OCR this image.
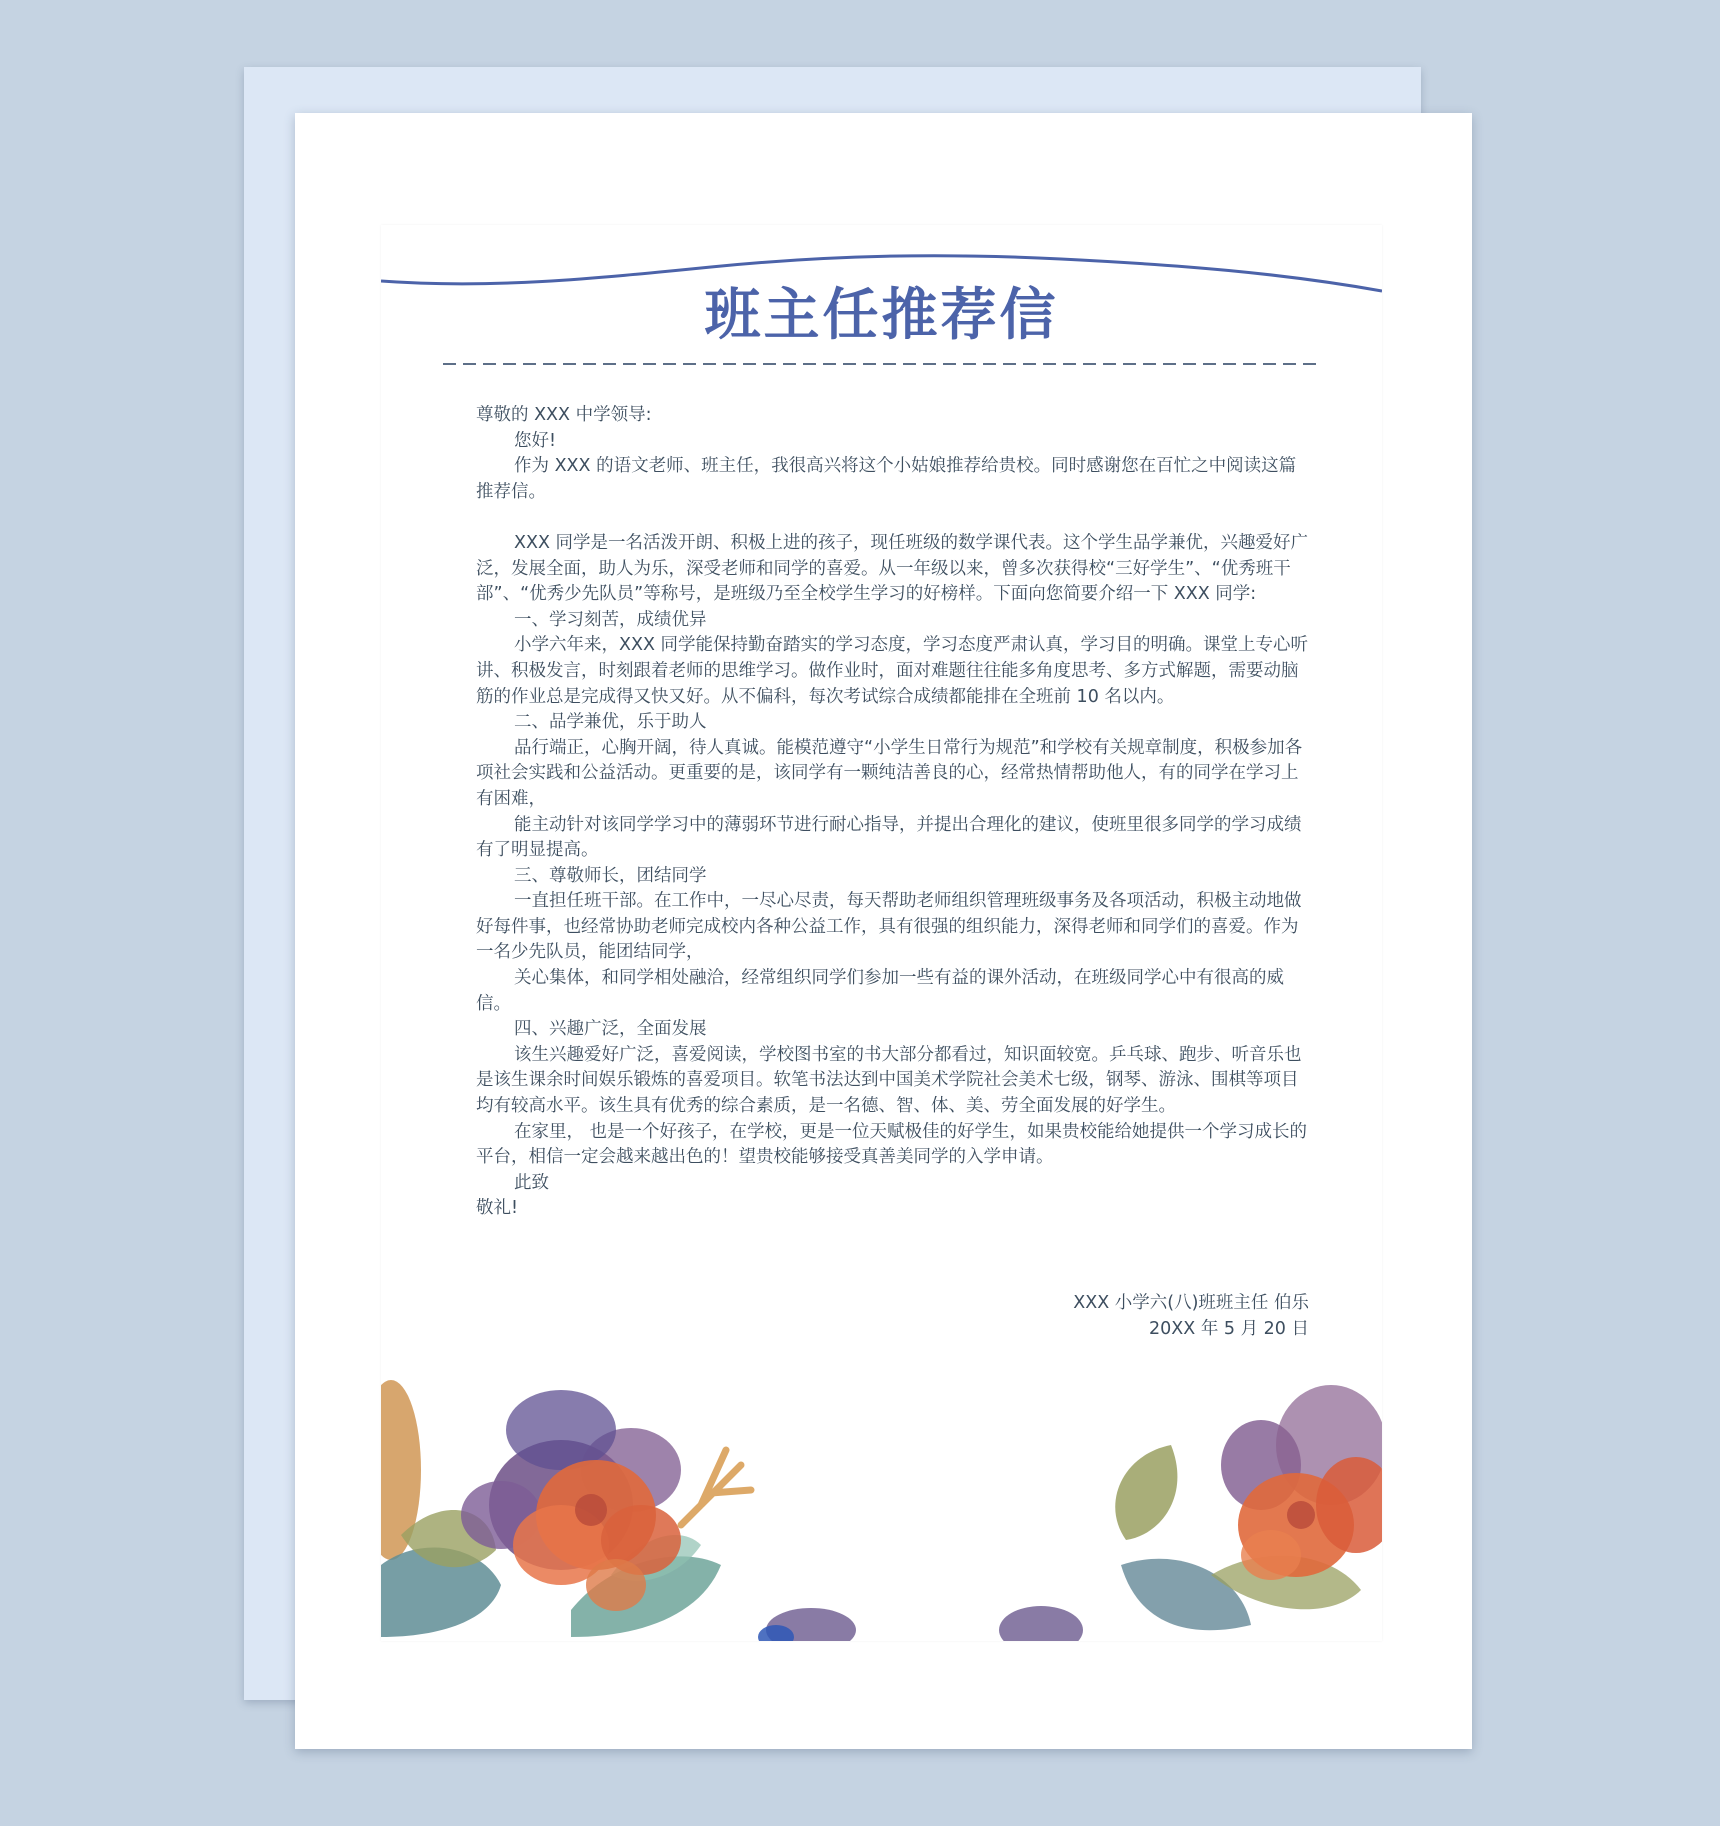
班主任推荐信

尊敬的 XXX 中学领导:

您好!

作为 XXX 的语文老师、班主任，我很高兴将这个小姑娘推荐给贵校。同时感谢您在百忙之中阅读这篇推荐信。

XXX 同学是一名活泼开朗、积极上进的孩子，现任班级的数学课代表。这个学生品学兼优，兴趣爱好广泛，发展全面，助人为乐，深受老师和同学的喜爱。从一年级以来，曾多次获得校“三好学生”、“优秀班干部”、“优秀少先队员”等称号，是班级乃至全校学生学习的好榜样。下面向您简要介绍一下 XXX 同学:

一、学习刻苦，成绩优异

小学六年来，XXX 同学能保持勤奋踏实的学习态度，学习态度严肃认真，学习目的明确。课堂上专心听讲、积极发言，时刻跟着老师的思维学习。做作业时，面对难题往往能多角度思考、多方式解题，需要动脑筋的作业总是完成得又快又好。从不偏科，每次考试综合成绩都能排在全班前 10 名以内。

二、品学兼优，乐于助人

品行端正，心胸开阔，待人真诚。能模范遵守“小学生日常行为规范”和学校有关规章制度，积极参加各项社会实践和公益活动。更重要的是，该同学有一颗纯洁善良的心，经常热情帮助他人，有的同学在学习上有困难，

能主动针对该同学学习中的薄弱环节进行耐心指导，并提出合理化的建议，使班里很多同学的学习成绩有了明显提高。

三、尊敬师长，团结同学

一直担任班干部。在工作中，一尽心尽责，每天帮助老师组织管理班级事务及各项活动，积极主动地做好每件事，也经常协助老师完成校内各种公益工作，具有很强的组织能力，深得老师和同学们的喜爱。作为一名少先队员，能团结同学，

关心集体，和同学相处融洽，经常组织同学们参加一些有益的课外活动，在班级同学心中有很高的威信。

四、兴趣广泛，全面发展

该生兴趣爱好广泛，喜爱阅读，学校图书室的书大部分都看过，知识面较宽。乒乓球、跑步、听音乐也是该生课余时间娱乐锻炼的喜爱项目。软笔书法达到中国美术学院社会美术七级，钢琴、游泳、围棋等项目均有较高水平。该生具有优秀的综合素质，是一名德、智、体、美、劳全面发展的好学生。

在家里， 也是一个好孩子，在学校，更是一位天赋极佳的好学生，如果贵校能给她提供一个学习成长的平台，相信一定会越来越出色的！望贵校能够接受真善美同学的入学申请。

此致

敬礼!

XXX 小学六(八)班班主任 伯乐

20XX 年 5 月 20 日
